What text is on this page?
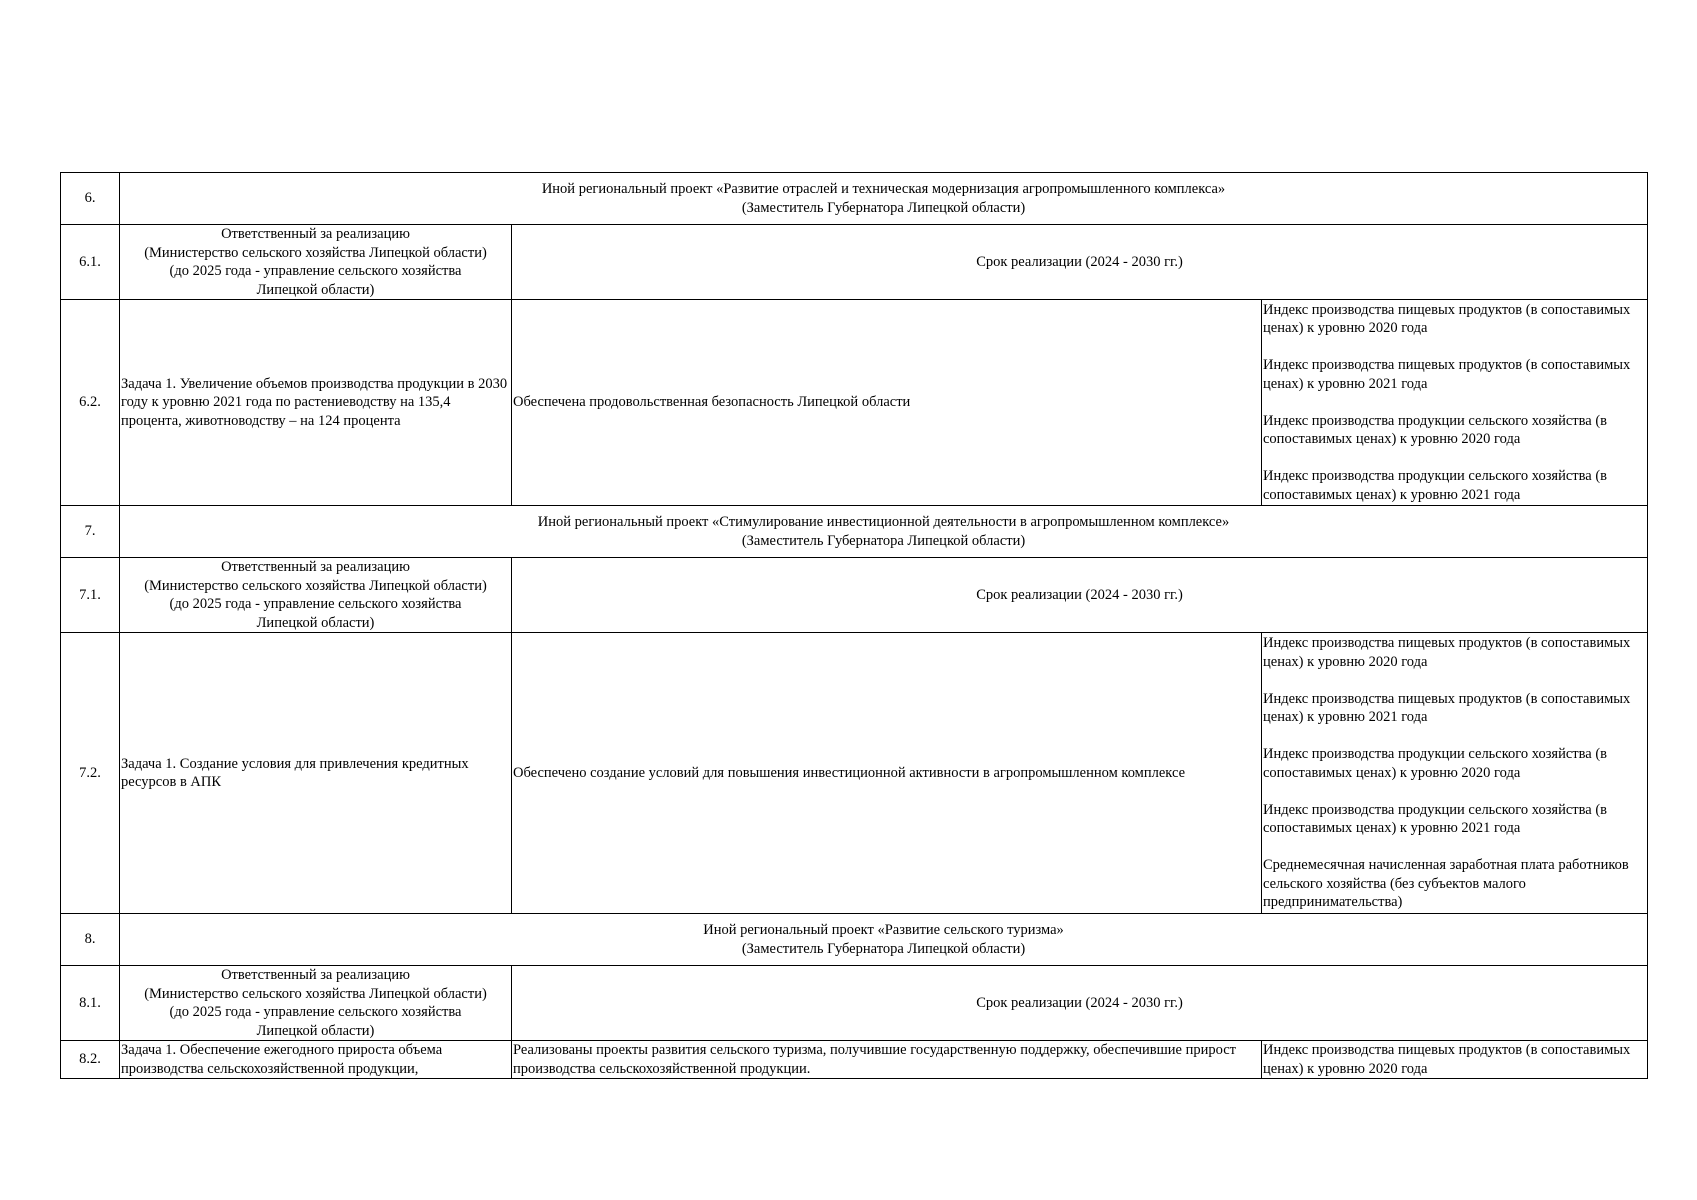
6.	Иной региональный проект «Развитие отраслей и техническая модернизация агропромышленного комплекса»
(Заместитель Губернатора Липецкой области)		

6.1.	Ответственный за реализацию
(Министерство сельского хозяйства Липецкой области)
(до 2025 года - управление сельского хозяйства
Липецкой области)	Срок реализации (2024 - 2030 гг.)	
6.2.	Задача 1. Увеличение объемов производства продукции в 2030 году к уровню 2021 года по растениеводству на 135,4 процента, животноводству – на 124 процента	Обеспечена продовольственная безопасность Липецкой области	Индекс производства пищевых продуктов (в сопоставимых ценах) к уровню 2020 года
Индекс производства пищевых продуктов (в сопоставимых ценах) к уровню 2021 года
Индекс производства продукции сельского хозяйства (в сопоставимых ценах) к уровню 2020 года
Индекс производства продукции сельского хозяйства (в сопоставимых ценах) к уровню 2021 года

7.	Иной региональный проект «Стимулирование инвестиционной деятельности в агропромышленном комплексе»
(Заместитель Губернатора Липецкой области)		

7.1.	Ответственный за реализацию
(Министерство сельского хозяйства Липецкой области)
(до 2025 года - управление сельского хозяйства
Липецкой области)	Срок реализации (2024 - 2030 гг.)	
7.2.	Задача 1. Создание условия для привлечения кредитных ресурсов в АПК	Обеспечено создание условий для повышения инвестиционной активности в агропромышленном комплексе	Индекс производства пищевых продуктов (в сопоставимых ценах) к уровню 2020 года
Индекс производства пищевых продуктов (в сопоставимых ценах) к уровню 2021 года
Индекс производства продукции сельского хозяйства (в сопоставимых ценах) к уровню 2020 года
Индекс производства продукции сельского хозяйства (в сопоставимых ценах) к уровню 2021 года
Среднемесячная начисленная заработная плата работников сельского хозяйства (без субъектов малого предпринимательства)

8.	Иной региональный проект «Развитие сельского туризма»
(Заместитель Губернатора Липецкой области)		

8.1.	Ответственный за реализацию
(Министерство сельского хозяйства Липецкой области)
(до 2025 года - управление сельского хозяйства
Липецкой области)	Срок реализации (2024 - 2030 гг.)	
8.2.	Задача 1. Обеспечение ежегодного прироста объема производства сельскохозяйственной продукции,	Реализованы проекты развития сельского туризма, получившие государственную поддержку, обеспечившие прирост производства сельскохозяйственной продукции.	Индекс производства пищевых продуктов (в сопоставимых ценах) к уровню 2020 года
